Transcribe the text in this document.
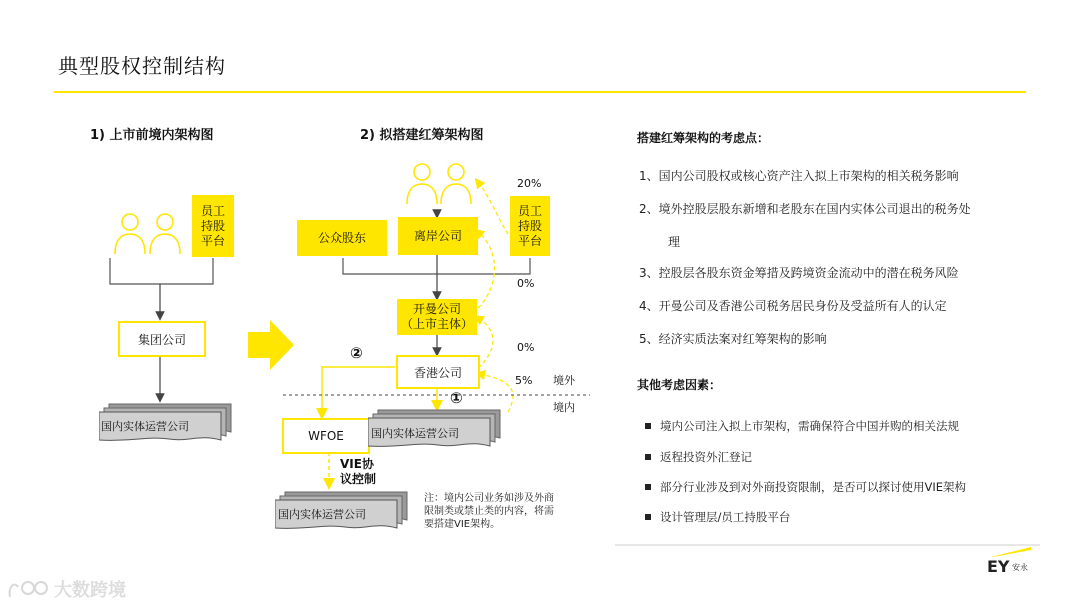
典型股权控制结构
1) 上市前境内架构图
员工
持股
平台
集团公司
国内实体运营公司
2) 拟搭建红筹架构图
20%
公众股东	离岸公司
员工
持股
平台
0%
开曼公司
（上市主体）
0%
②
香港公司
5% 境外
境内
①
WFOE	国内实体运营公司
VIE协
议控制
国内实体运营公司
注：境内公司业务如涉及外商
限制类或禁止类的内容，将需
要搭建VIE架构。
搭建红筹架构的考虑点：
1、国内公司股权或核心资产注入拟上市架构的相关税务影响
2、境外控股层股东新增和老股东在国内实体公司退出的税务处
理
3、控股层各股东资金筹措及跨境资金流动中的潜在税务风险
4、开曼公司及香港公司税务居民身份及受益所有人的认定
5、经济实质法案对红筹架构的影响
其他考虑因素：
境内公司注入拟上市架构，需确保符合中国并购的相关法规
返程投资外汇登记
部分行业涉及到对外商投资限制，是否可以探讨使用VIE架构
设计管理层/员工持股平台
EY 安永
大数跨境
